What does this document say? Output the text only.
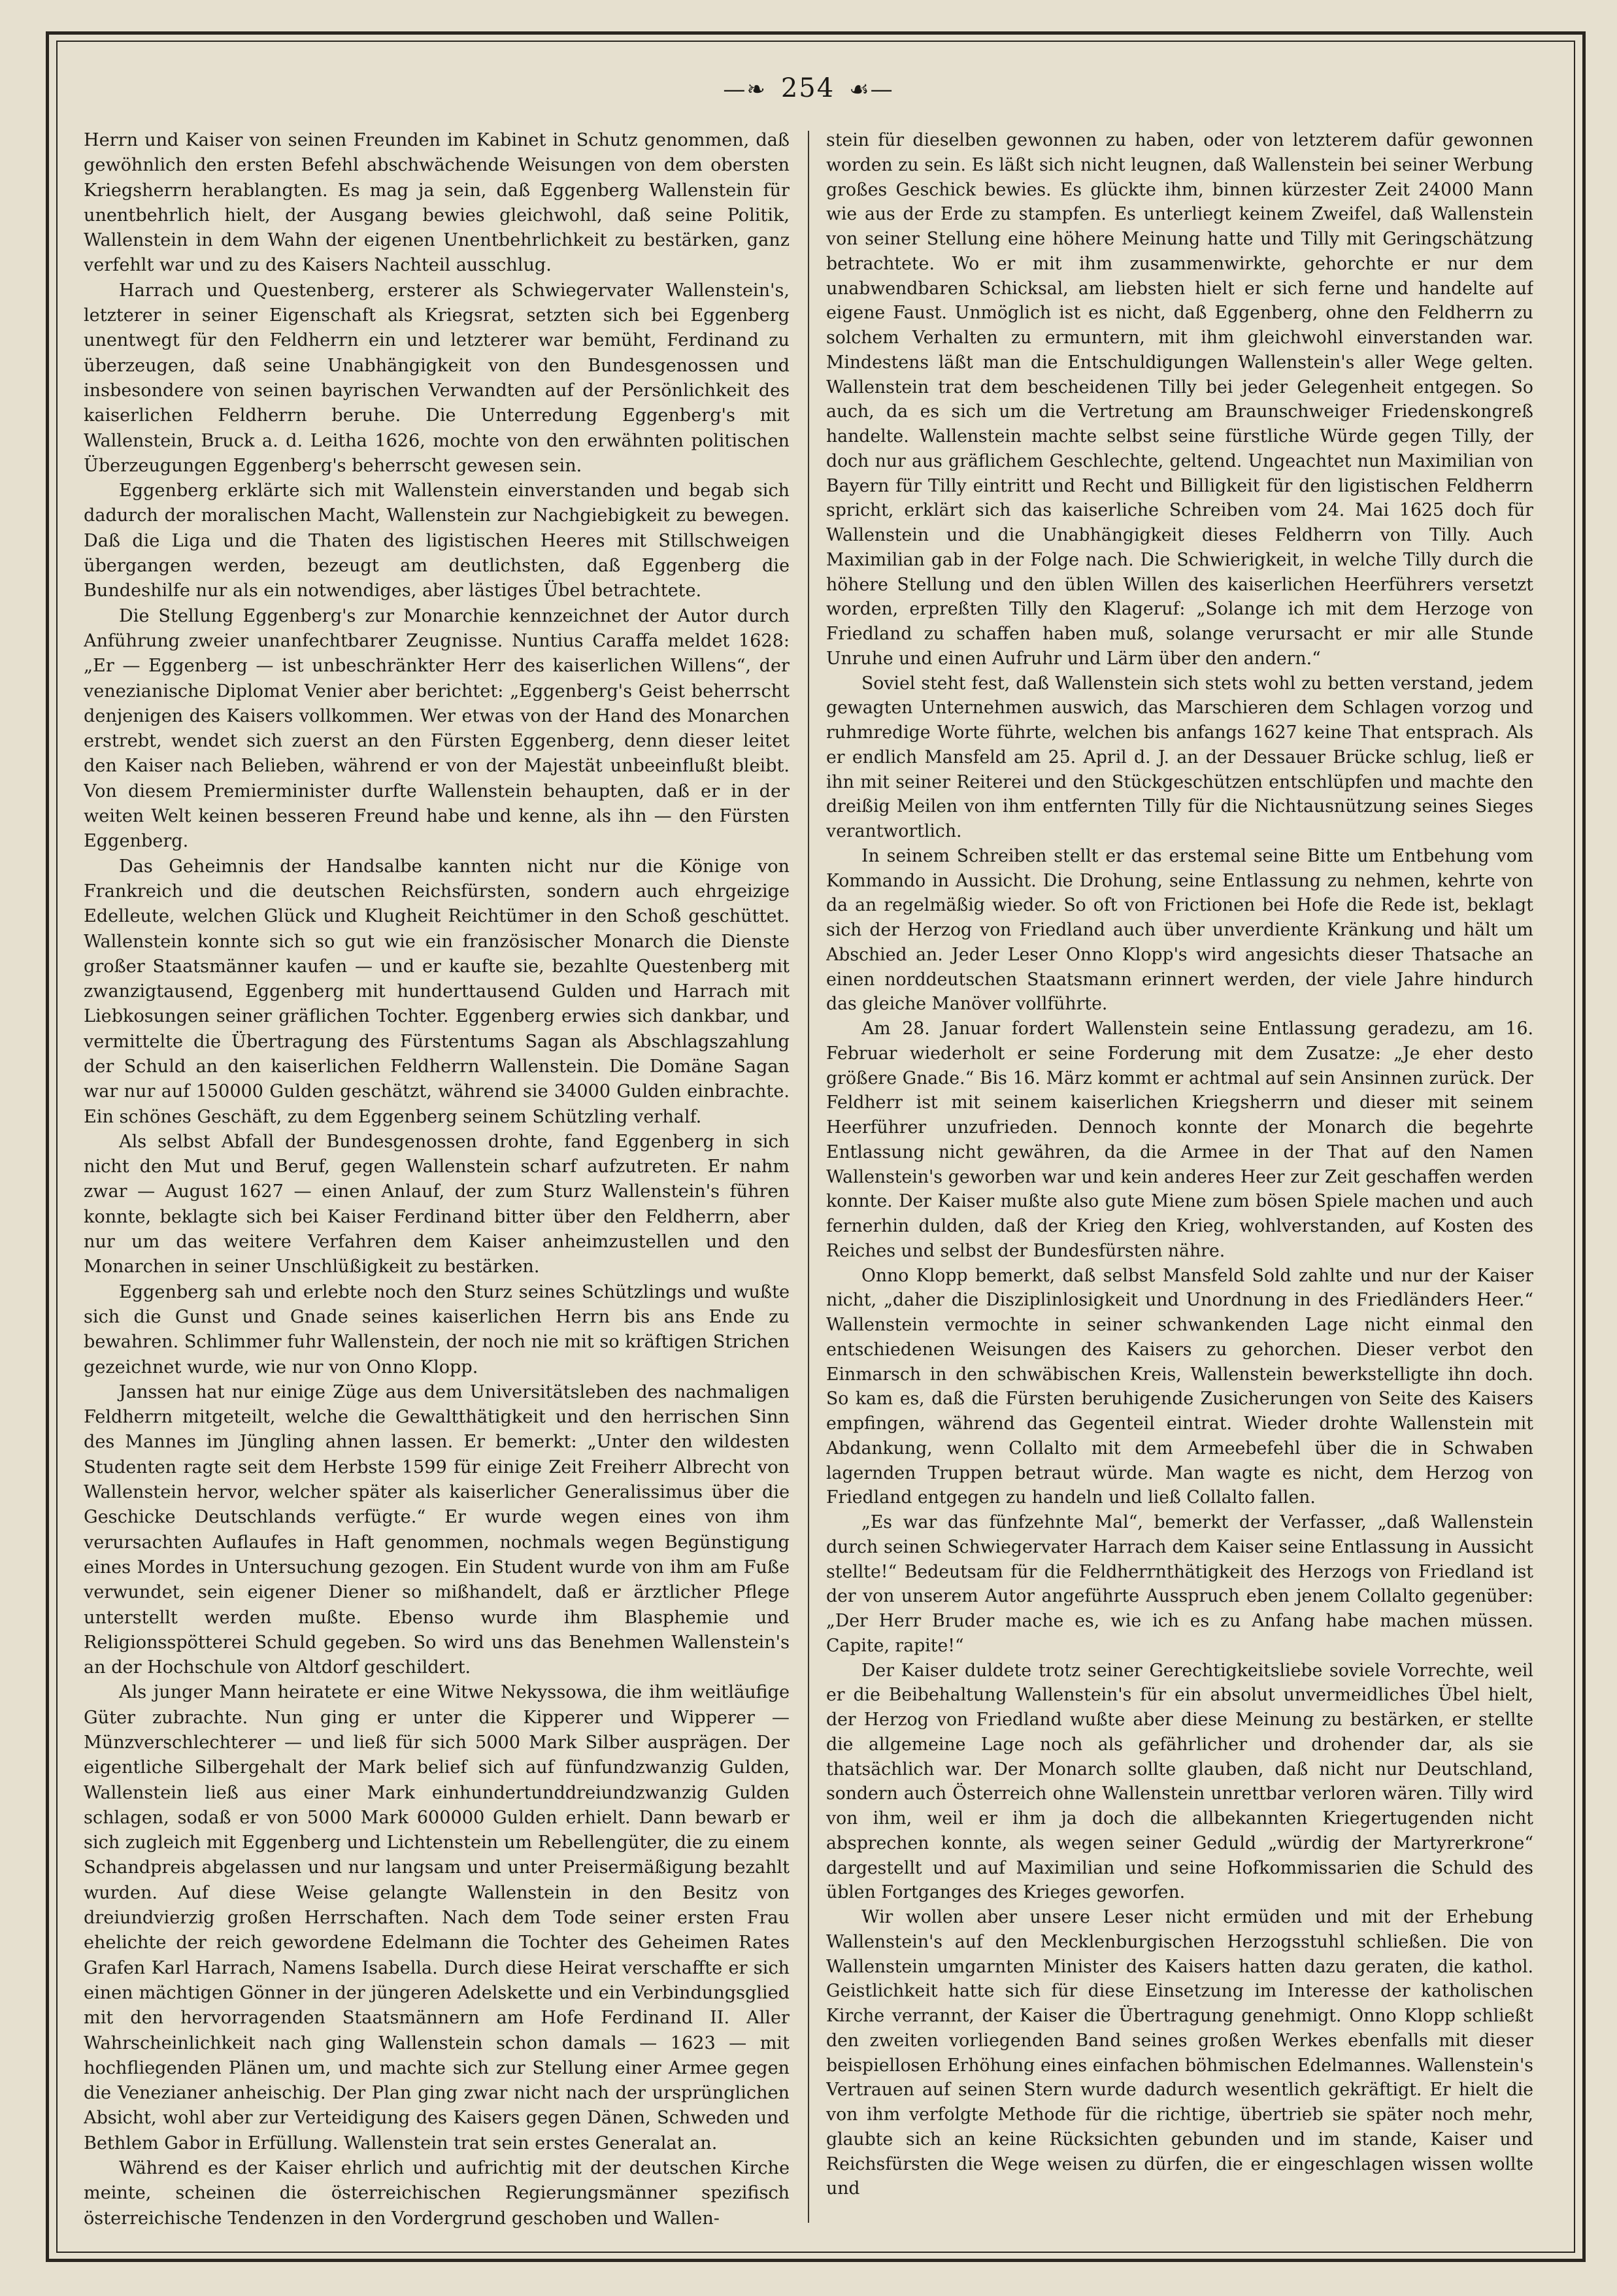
—❧ 254 ☙—

Herrn und Kaiser von seinen Freunden im Kabinet in Schutz genommen, daß gewöhnlich den ersten Befehl abschwächende Weisungen von dem obersten Kriegsherrn herablangten. Es mag ja sein, daß Eggenberg Wallenstein für unentbehrlich hielt, der Ausgang bewies gleichwohl, daß seine Politik, Wallenstein in dem Wahn der eigenen Unentbehrlichkeit zu bestärken, ganz verfehlt war und zu des Kaisers Nachteil ausschlug.

Harrach und Questenberg, ersterer als Schwiegervater Wallenstein's, letzterer in seiner Eigenschaft als Kriegsrat, setzten sich bei Eggenberg unentwegt für den Feldherrn ein und letzterer war bemüht, Ferdinand zu überzeugen, daß seine Unabhängigkeit von den Bundesgenossen und insbesondere von seinen bayrischen Verwandten auf der Persönlichkeit des kaiserlichen Feldherrn beruhe. Die Unterredung Eggenberg's mit Wallenstein, Bruck a. d. Leitha 1626, mochte von den erwähnten politischen Überzeugungen Eggenberg's beherrscht gewesen sein.

Eggenberg erklärte sich mit Wallenstein einverstanden und begab sich dadurch der moralischen Macht, Wallenstein zur Nachgiebigkeit zu bewegen. Daß die Liga und die Thaten des ligistischen Heeres mit Stillschweigen übergangen werden, bezeugt am deutlichsten, daß Eggenberg die Bundeshilfe nur als ein notwendiges, aber lästiges Übel betrachtete.

Die Stellung Eggenberg's zur Monarchie kennzeichnet der Autor durch Anführung zweier unanfechtbarer Zeugnisse. Nuntius Caraffa meldet 1628: „Er — Eggenberg — ist unbeschränkter Herr des kaiserlichen Willens“, der venezianische Diplomat Venier aber berichtet: „Eggenberg's Geist beherrscht denjenigen des Kaisers vollkommen. Wer etwas von der Hand des Monarchen erstrebt, wendet sich zuerst an den Fürsten Eggenberg, denn dieser leitet den Kaiser nach Belieben, während er von der Majestät unbeeinflußt bleibt. Von diesem Premierminister durfte Wallenstein behaupten, daß er in der weiten Welt keinen besseren Freund habe und kenne, als ihn — den Fürsten Eggenberg.

Das Geheimnis der Handsalbe kannten nicht nur die Könige von Frankreich und die deutschen Reichsfürsten, sondern auch ehrgeizige Edelleute, welchen Glück und Klugheit Reichtümer in den Schoß geschüttet. Wallenstein konnte sich so gut wie ein französischer Monarch die Dienste großer Staatsmänner kaufen — und er kaufte sie, bezahlte Questenberg mit zwanzigtausend, Eggenberg mit hunderttausend Gulden und Harrach mit Liebkosungen seiner gräflichen Tochter. Eggenberg erwies sich dankbar, und vermittelte die Übertragung des Fürstentums Sagan als Abschlagszahlung der Schuld an den kaiserlichen Feldherrn Wallenstein. Die Domäne Sagan war nur auf 150000 Gulden geschätzt, während sie 34000 Gulden einbrachte. Ein schönes Geschäft, zu dem Eggenberg seinem Schützling verhalf.

Als selbst Abfall der Bundesgenossen drohte, fand Eggenberg in sich nicht den Mut und Beruf, gegen Wallenstein scharf aufzutreten. Er nahm zwar — August 1627 — einen Anlauf, der zum Sturz Wallenstein's führen konnte, beklagte sich bei Kaiser Ferdinand bitter über den Feldherrn, aber nur um das weitere Verfahren dem Kaiser anheimzustellen und den Monarchen in seiner Unschlüßigkeit zu bestärken.

Eggenberg sah und erlebte noch den Sturz seines Schützlings und wußte sich die Gunst und Gnade seines kaiserlichen Herrn bis ans Ende zu bewahren. Schlimmer fuhr Wallenstein, der noch nie mit so kräftigen Strichen gezeichnet wurde, wie nur von Onno Klopp.

Janssen hat nur einige Züge aus dem Universitätsleben des nachmaligen Feldherrn mitgeteilt, welche die Gewaltthätigkeit und den herrischen Sinn des Mannes im Jüngling ahnen lassen. Er bemerkt: „Unter den wildesten Studenten ragte seit dem Herbste 1599 für einige Zeit Freiherr Albrecht von Wallenstein hervor, welcher später als kaiserlicher Generalissimus über die Geschicke Deutschlands verfügte.“ Er wurde wegen eines von ihm verursachten Auflaufes in Haft genommen, nochmals wegen Begünstigung eines Mordes in Untersuchung gezogen. Ein Student wurde von ihm am Fuße verwundet, sein eigener Diener so mißhandelt, daß er ärztlicher Pflege unterstellt werden mußte. Ebenso wurde ihm Blasphemie und Religionsspötterei Schuld gegeben. So wird uns das Benehmen Wallenstein's an der Hochschule von Altdorf geschildert.

Als junger Mann heiratete er eine Witwe Nekyssowa, die ihm weitläufige Güter zubrachte. Nun ging er unter die Kipperer und Wipperer — Münzverschlechterer — und ließ für sich 5000 Mark Silber ausprägen. Der eigentliche Silbergehalt der Mark belief sich auf fünfundzwanzig Gulden, Wallenstein ließ aus einer Mark einhundertunddreiundzwanzig Gulden schlagen, sodaß er von 5000 Mark 600000 Gulden erhielt. Dann bewarb er sich zugleich mit Eggenberg und Lichtenstein um Rebellengüter, die zu einem Schandpreis abgelassen und nur langsam und unter Preisermäßigung bezahlt wurden. Auf diese Weise gelangte Wallenstein in den Besitz von dreiundvierzig großen Herrschaften. Nach dem Tode seiner ersten Frau ehelichte der reich gewordene Edelmann die Tochter des Geheimen Rates Grafen Karl Harrach, Namens Isabella. Durch diese Heirat verschaffte er sich einen mächtigen Gönner in der jüngeren Adelskette und ein Verbindungsglied mit den hervorragenden Staatsmännern am Hofe Ferdinand II. Aller Wahrscheinlichkeit nach ging Wallenstein schon damals — 1623 — mit hochfliegenden Plänen um, und machte sich zur Stellung einer Armee gegen die Venezianer anheischig. Der Plan ging zwar nicht nach der ursprünglichen Absicht, wohl aber zur Verteidigung des Kaisers gegen Dänen, Schweden und Bethlem Gabor in Erfüllung. Wallenstein trat sein erstes Generalat an.

Während es der Kaiser ehrlich und aufrichtig mit der deutschen Kirche meinte, scheinen die österreichischen Regierungsmänner spezifisch österreichische Tendenzen in den Vordergrund geschoben und Wallen-

stein für dieselben gewonnen zu haben, oder von letzterem dafür gewonnen worden zu sein. Es läßt sich nicht leugnen, daß Wallenstein bei seiner Werbung großes Geschick bewies. Es glückte ihm, binnen kürzester Zeit 24000 Mann wie aus der Erde zu stampfen. Es unterliegt keinem Zweifel, daß Wallenstein von seiner Stellung eine höhere Meinung hatte und Tilly mit Geringschätzung betrachtete. Wo er mit ihm zusammenwirkte, gehorchte er nur dem unabwendbaren Schicksal, am liebsten hielt er sich ferne und handelte auf eigene Faust. Unmöglich ist es nicht, daß Eggenberg, ohne den Feldherrn zu solchem Verhalten zu ermuntern, mit ihm gleichwohl einverstanden war. Mindestens läßt man die Entschuldigungen Wallenstein's aller Wege gelten. Wallenstein trat dem bescheidenen Tilly bei jeder Gelegenheit entgegen. So auch, da es sich um die Vertretung am Braunschweiger Friedenskongreß handelte. Wallenstein machte selbst seine fürstliche Würde gegen Tilly, der doch nur aus gräflichem Geschlechte, geltend. Ungeachtet nun Maximilian von Bayern für Tilly eintritt und Recht und Billigkeit für den ligistischen Feldherrn spricht, erklärt sich das kaiserliche Schreiben vom 24. Mai 1625 doch für Wallenstein und die Unabhängigkeit dieses Feldherrn von Tilly. Auch Maximilian gab in der Folge nach. Die Schwierigkeit, in welche Tilly durch die höhere Stellung und den üblen Willen des kaiserlichen Heerführers versetzt worden, erpreßten Tilly den Klageruf: „Solange ich mit dem Herzoge von Friedland zu schaffen haben muß, solange verursacht er mir alle Stunde Unruhe und einen Aufruhr und Lärm über den andern.“

Soviel steht fest, daß Wallenstein sich stets wohl zu betten verstand, jedem gewagten Unternehmen auswich, das Marschieren dem Schlagen vorzog und ruhmredige Worte führte, welchen bis anfangs 1627 keine That entsprach. Als er endlich Mansfeld am 25. April d. J. an der Dessauer Brücke schlug, ließ er ihn mit seiner Reiterei und den Stückgeschützen entschlüpfen und machte den dreißig Meilen von ihm entfernten Tilly für die Nichtausnützung seines Sieges verantwortlich.

In seinem Schreiben stellt er das erstemal seine Bitte um Entbehung vom Kommando in Aussicht. Die Drohung, seine Entlassung zu nehmen, kehrte von da an regelmäßig wieder. So oft von Frictionen bei Hofe die Rede ist, beklagt sich der Herzog von Friedland auch über unverdiente Kränkung und hält um Abschied an. Jeder Leser Onno Klopp's wird angesichts dieser Thatsache an einen norddeutschen Staatsmann erinnert werden, der viele Jahre hindurch das gleiche Manöver vollführte.

Am 28. Januar fordert Wallenstein seine Entlassung geradezu, am 16. Februar wiederholt er seine Forderung mit dem Zusatze: „Je eher desto größere Gnade.“ Bis 16. März kommt er achtmal auf sein Ansinnen zurück. Der Feldherr ist mit seinem kaiserlichen Kriegsherrn und dieser mit seinem Heerführer unzufrieden. Dennoch konnte der Monarch die begehrte Entlassung nicht gewähren, da die Armee in der That auf den Namen Wallenstein's geworben war und kein anderes Heer zur Zeit geschaffen werden konnte. Der Kaiser mußte also gute Miene zum bösen Spiele machen und auch fernerhin dulden, daß der Krieg den Krieg, wohlverstanden, auf Kosten des Reiches und selbst der Bundesfürsten nähre.

Onno Klopp bemerkt, daß selbst Mansfeld Sold zahlte und nur der Kaiser nicht, „daher die Disziplinlosigkeit und Unordnung in des Friedländers Heer.“ Wallenstein vermochte in seiner schwankenden Lage nicht einmal den entschiedenen Weisungen des Kaisers zu gehorchen. Dieser verbot den Einmarsch in den schwäbischen Kreis, Wallenstein bewerkstelligte ihn doch. So kam es, daß die Fürsten beruhigende Zusicherungen von Seite des Kaisers empfingen, während das Gegenteil eintrat. Wieder drohte Wallenstein mit Abdankung, wenn Collalto mit dem Armeebefehl über die in Schwaben lagernden Truppen betraut würde. Man wagte es nicht, dem Herzog von Friedland entgegen zu handeln und ließ Collalto fallen.

„Es war das fünfzehnte Mal“, bemerkt der Verfasser, „daß Wallenstein durch seinen Schwiegervater Harrach dem Kaiser seine Entlassung in Aussicht stellte!“ Bedeutsam für die Feldherrnthätigkeit des Herzogs von Friedland ist der von unserem Autor angeführte Ausspruch eben jenem Collalto gegenüber: „Der Herr Bruder mache es, wie ich es zu Anfang habe machen müssen. Capite, rapite!“

Der Kaiser duldete trotz seiner Gerechtigkeitsliebe soviele Vorrechte, weil er die Beibehaltung Wallenstein's für ein absolut unvermeidliches Übel hielt, der Herzog von Friedland wußte aber diese Meinung zu bestärken, er stellte die allgemeine Lage noch als gefährlicher und drohender dar, als sie thatsächlich war. Der Monarch sollte glauben, daß nicht nur Deutschland, sondern auch Österreich ohne Wallenstein unrettbar verloren wären. Tilly wird von ihm, weil er ihm ja doch die allbekannten Kriegertugenden nicht absprechen konnte, als wegen seiner Geduld „würdig der Martyrerkrone“ dargestellt und auf Maximilian und seine Hofkommissarien die Schuld des üblen Fortganges des Krieges geworfen.

Wir wollen aber unsere Leser nicht ermüden und mit der Erhebung Wallenstein's auf den Mecklenburgischen Herzogsstuhl schließen. Die von Wallenstein umgarnten Minister des Kaisers hatten dazu geraten, die kathol. Geistlichkeit hatte sich für diese Einsetzung im Interesse der katholischen Kirche verrannt, der Kaiser die Übertragung genehmigt. Onno Klopp schließt den zweiten vorliegenden Band seines großen Werkes ebenfalls mit dieser beispiellosen Erhöhung eines einfachen böhmischen Edelmannes. Wallenstein's Vertrauen auf seinen Stern wurde dadurch wesentlich gekräftigt. Er hielt die von ihm verfolgte Methode für die richtige, übertrieb sie später noch mehr, glaubte sich an keine Rücksichten gebunden und im stande, Kaiser und Reichsfürsten die Wege weisen zu dürfen, die er eingeschlagen wissen wollte und
